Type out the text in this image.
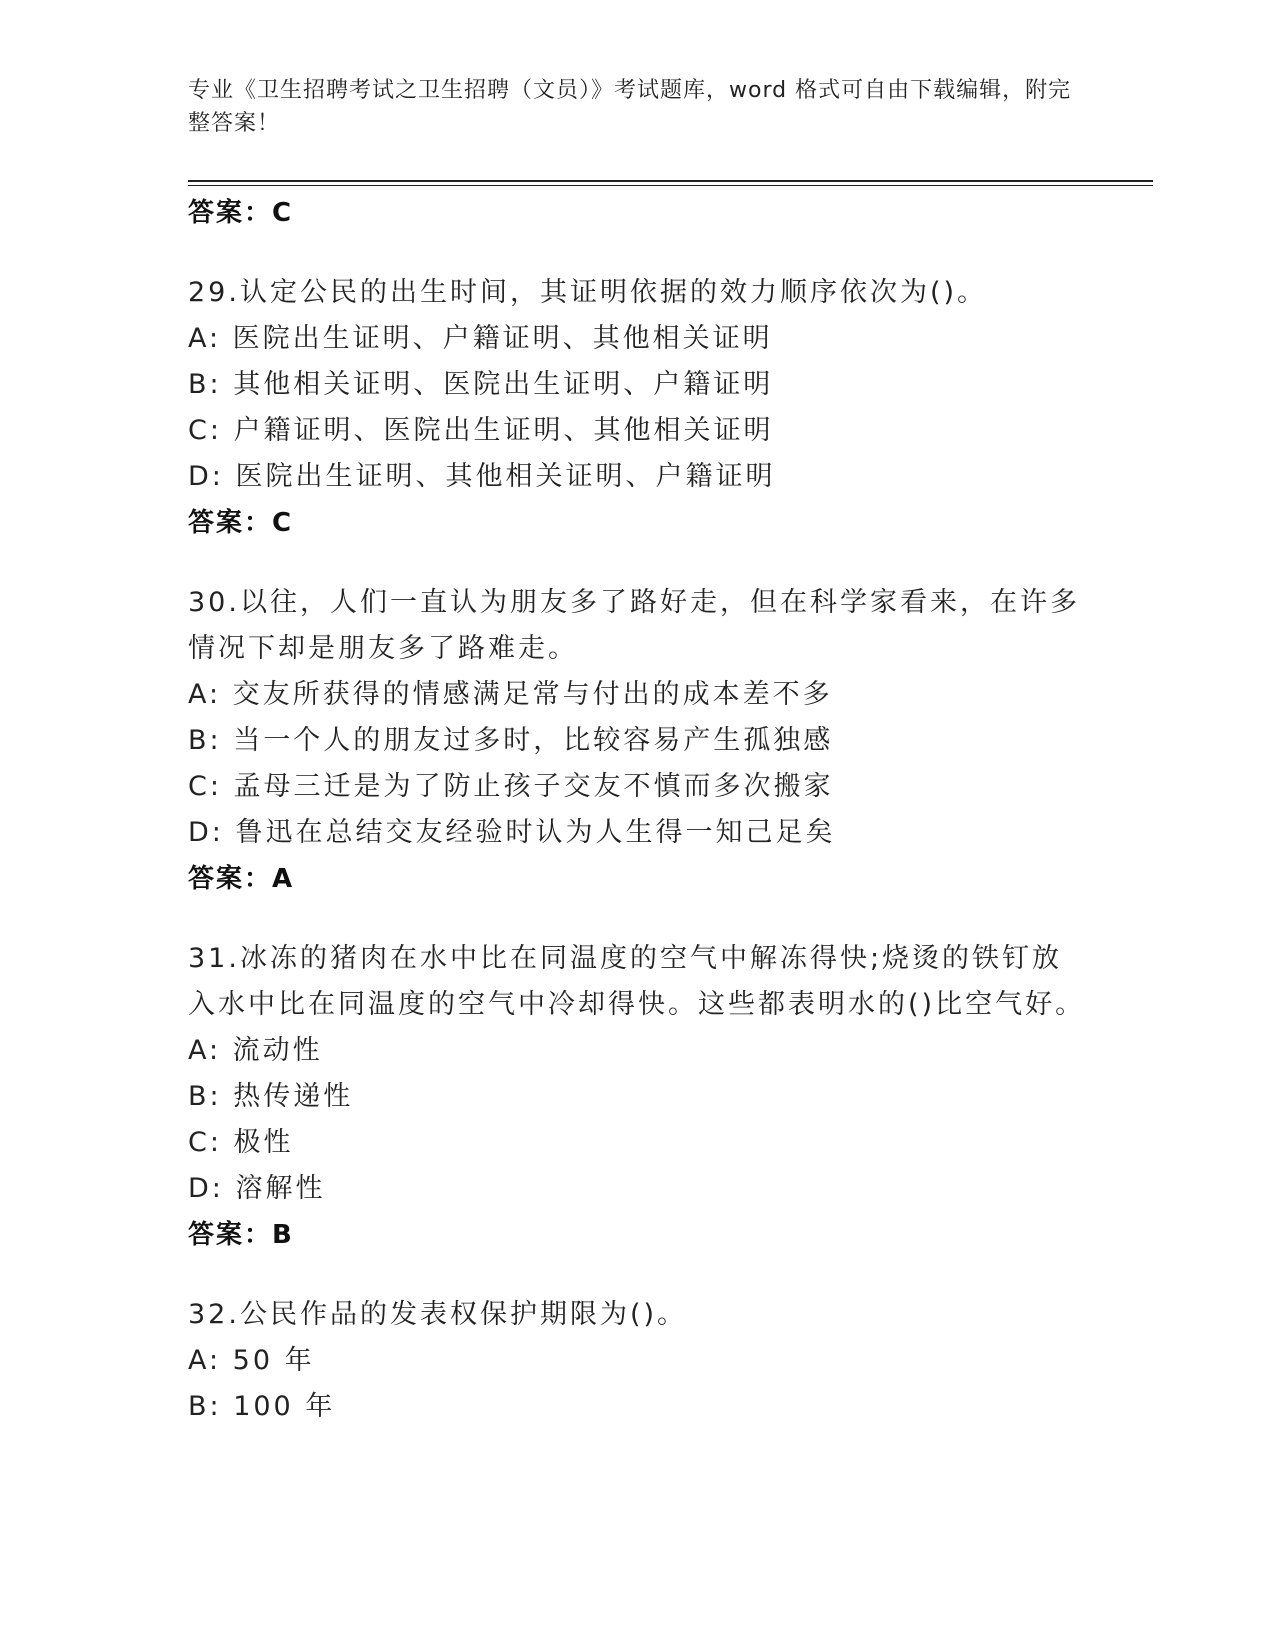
专业《卫生招聘考试之卫生招聘（文员）》考试题库，word 格式可自由下载编辑，附完整答案！
答案：C
29.认定公民的出生时间，其证明依据的效力顺序依次为()。
A: 医院出生证明、户籍证明、其他相关证明
B: 其他相关证明、医院出生证明、户籍证明
C: 户籍证明、医院出生证明、其他相关证明
D: 医院出生证明、其他相关证明、户籍证明
答案：C
30.以往，人们一直认为朋友多了路好走，但在科学家看来，在许多情况下却是朋友多了路难走。
A: 交友所获得的情感满足常与付出的成本差不多
B: 当一个人的朋友过多时，比较容易产生孤独感
C: 孟母三迁是为了防止孩子交友不慎而多次搬家
D: 鲁迅在总结交友经验时认为人生得一知己足矣
答案：A
31.冰冻的猪肉在水中比在同温度的空气中解冻得快;烧烫的铁钉放入水中比在同温度的空气中冷却得快。这些都表明水的()比空气好。
A: 流动性
B: 热传递性
C: 极性
D: 溶解性
答案：B
32.公民作品的发表权保护期限为()。
A: 50 年
B: 100 年
